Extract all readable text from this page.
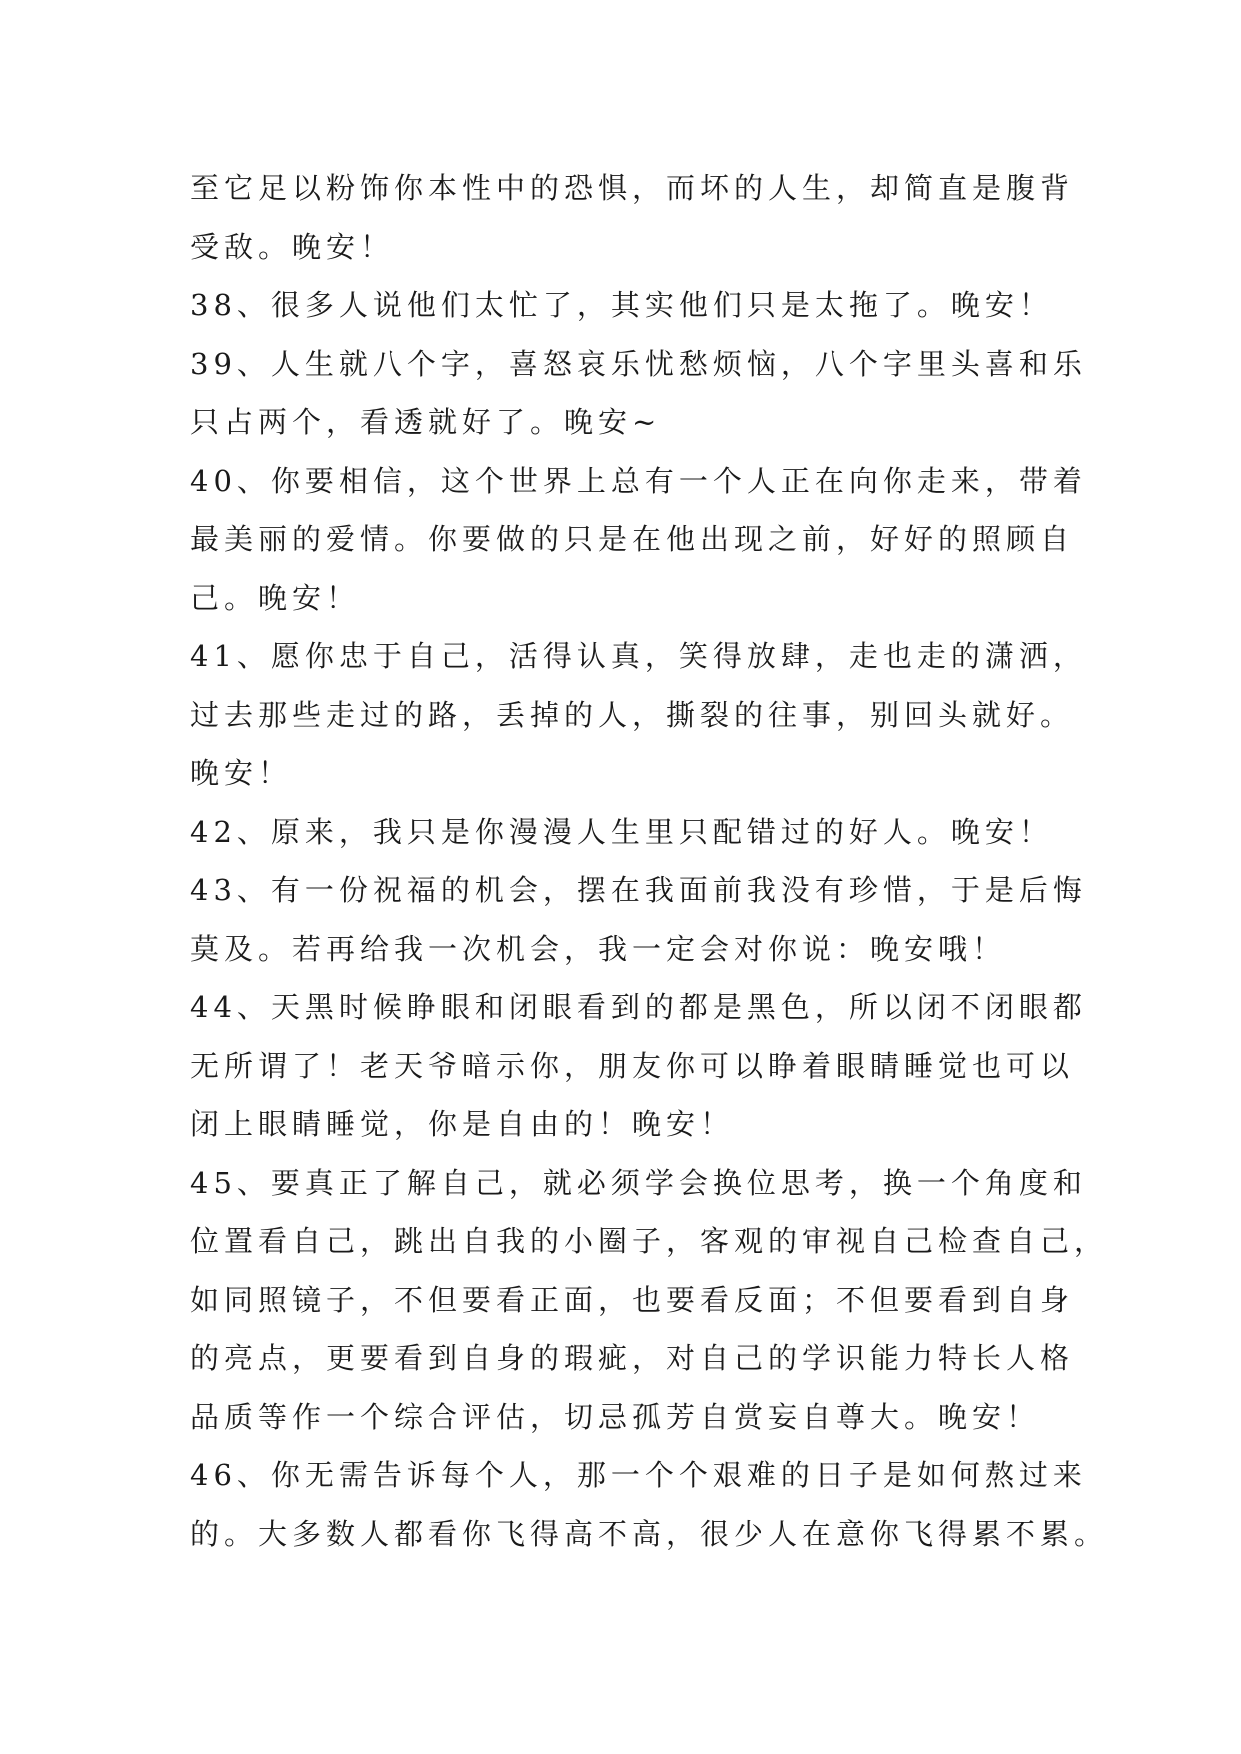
至它足以粉饰你本性中的恐惧，而坏的人生，却简直是腹背
受敌。晚安！
38、很多人说他们太忙了，其实他们只是太拖了。晚安！
39、人生就八个字，喜怒哀乐忧愁烦恼，八个字里头喜和乐
只占两个，看透就好了。晚安~
40、你要相信，这个世界上总有一个人正在向你走来，带着
最美丽的爱情。你要做的只是在他出现之前，好好的照顾自
己。晚安！
41、愿你忠于自己，活得认真，笑得放肆，走也走的潇洒，
过去那些走过的路，丢掉的人，撕裂的往事，别回头就好。
晚安！
42、原来，我只是你漫漫人生里只配错过的好人。晚安！
43、有一份祝福的机会，摆在我面前我没有珍惜，于是后悔
莫及。若再给我一次机会，我一定会对你说：晚安哦！
44、天黑时候睁眼和闭眼看到的都是黑色，所以闭不闭眼都
无所谓了！老天爷暗示你，朋友你可以睁着眼睛睡觉也可以
闭上眼睛睡觉，你是自由的！晚安！
45、要真正了解自己，就必须学会换位思考，换一个角度和
位置看自己，跳出自我的小圈子，客观的审视自己检查自己，
如同照镜子，不但要看正面，也要看反面；不但要看到自身
的亮点，更要看到自身的瑕疵，对自己的学识能力特长人格
品质等作一个综合评估，切忌孤芳自赏妄自尊大。晚安！
46、你无需告诉每个人，那一个个艰难的日子是如何熬过来
的。大多数人都看你飞得高不高，很少人在意你飞得累不累。
